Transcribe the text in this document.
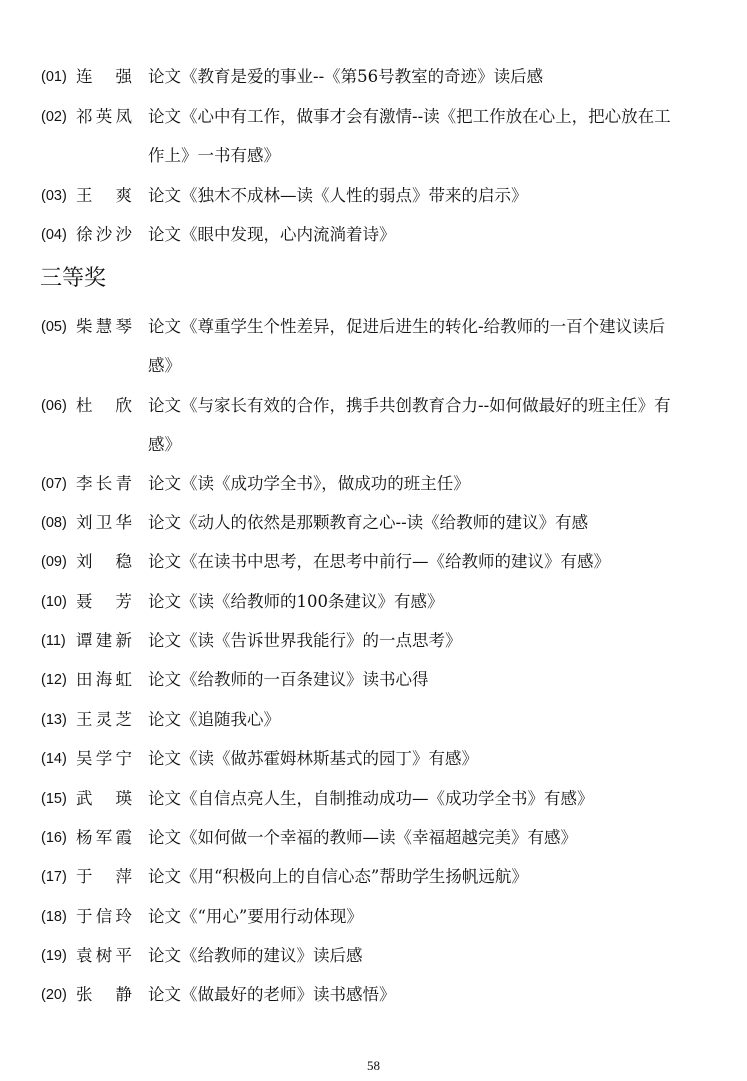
(01) 连强 论文《教育是爱的事业--《第56号教室的奇迹》读后感
(02) 祁英凤 论文《心中有工作，做事才会有激情--读《把工作放在心上，把心放在工
作上》一书有感》
(03) 王爽 论文《独木不成林—读《人性的弱点》带来的启示》
(04) 徐沙沙 论文《眼中发现，心内流淌着诗》
三等奖
(05) 柴慧琴 论文《尊重学生个性差异，促进后进生的转化-给教师的一百个建议读后
感》
(06) 杜欣 论文《与家长有效的合作，携手共创教育合力--如何做最好的班主任》有
感》
(07) 李长青 论文《读《成功学全书》，做成功的班主任》
(08) 刘卫华 论文《动人的依然是那颗教育之心--读《给教师的建议》有感
(09) 刘稳 论文《在读书中思考，在思考中前行—《给教师的建议》有感》
(10) 聂芳 论文《读《给教师的100条建议》有感》
(11) 谭建新 论文《读《告诉世界我能行》的一点思考》
(12) 田海虹 论文《给教师的一百条建议》读书心得
(13) 王灵芝 论文《追随我心》
(14) 吴学宁 论文《读《做苏霍姆林斯基式的园丁》有感》
(15) 武瑛 论文《自信点亮人生，自制推动成功—《成功学全书》有感》
(16) 杨军霞 论文《如何做一个幸福的教师—读《幸福超越完美》有感》
(17) 于萍 论文《用“积极向上的自信心态”帮助学生扬帆远航》
(18) 于信玲 论文《“用心”要用行动体现》
(19) 袁树平 论文《给教师的建议》读后感
(20) 张静 论文《做最好的老师》读书感悟》
58
